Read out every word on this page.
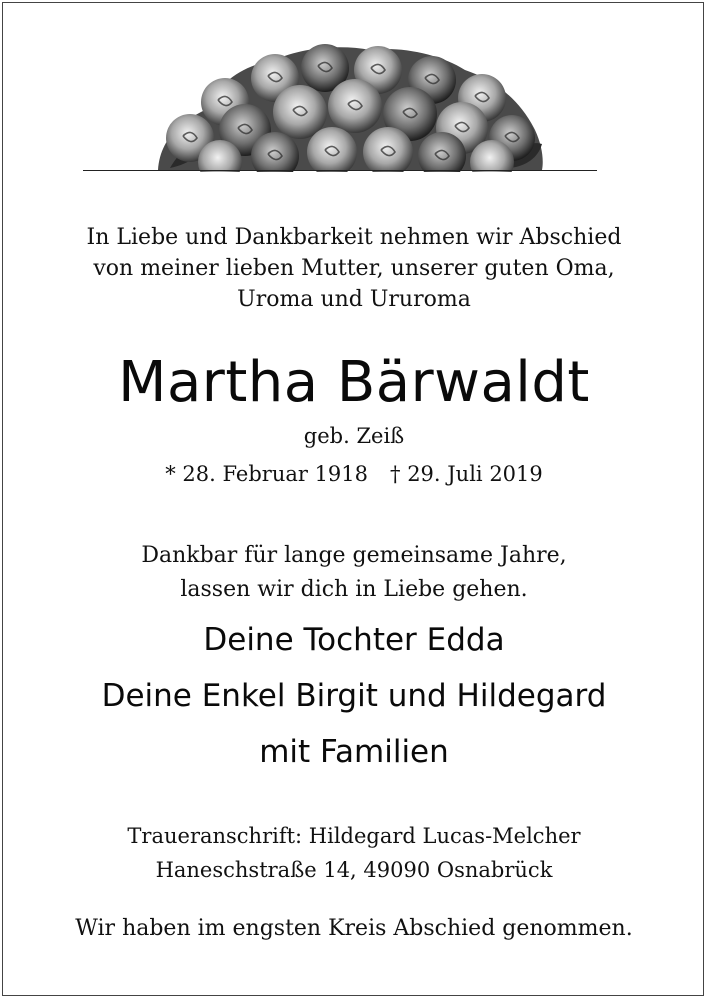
In Liebe und Dankbarkeit nehmen wir Abschied
von meiner lieben Mutter, unserer guten Oma,
Uroma und Ururoma
Martha Bärwaldt
geb. Zeiß
* 28. Februar 1918 † 29. Juli 2019
Dankbar für lange gemeinsame Jahre,
lassen wir dich in Liebe gehen.
Deine Tochter Edda
Deine Enkel Birgit und Hildegard
mit Familien
Traueranschrift: Hildegard Lucas-Melcher
Haneschstraße 14, 49090 Osnabrück
Wir haben im engsten Kreis Abschied genommen.
